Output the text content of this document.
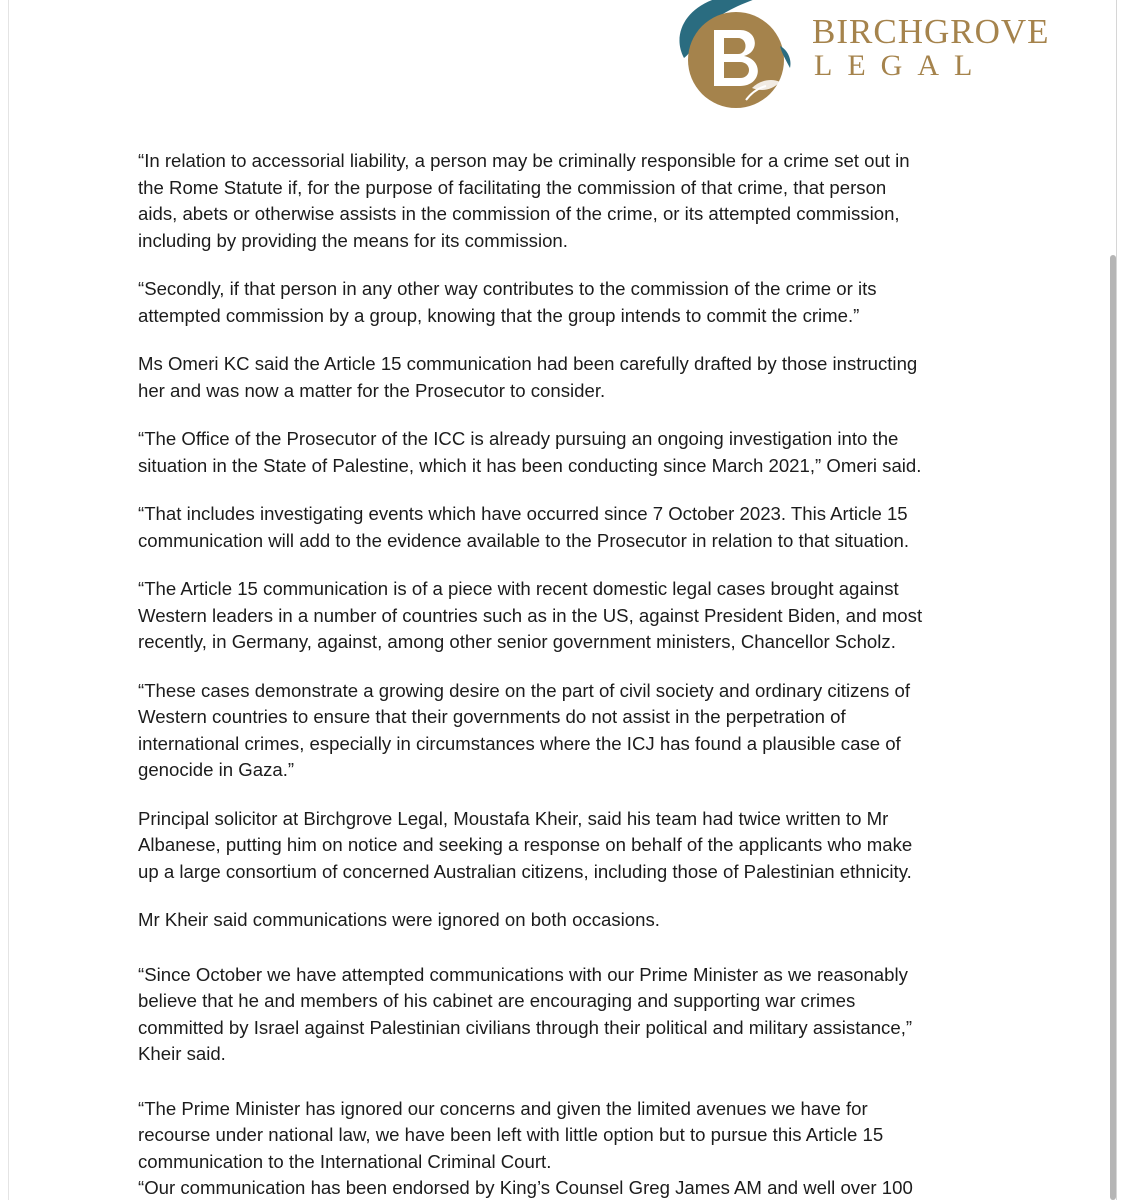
BIRCHGROVE
LEGAL

“In relation to accessorial liability, a person may be criminally responsible for a crime set out in
the Rome Statute if, for the purpose of facilitating the commission of that crime, that person
aids, abets or otherwise assists in the commission of the crime, or its attempted commission,
including by providing the means for its commission.

“Secondly, if that person in any other way contributes to the commission of the crime or its
attempted commission by a group, knowing that the group intends to commit the crime.”

Ms Omeri KC said the Article 15 communication had been carefully drafted by those instructing
her and was now a matter for the Prosecutor to consider.

“The Office of the Prosecutor of the ICC is already pursuing an ongoing investigation into the
situation in the State of Palestine, which it has been conducting since March 2021,” Omeri said.

“That includes investigating events which have occurred since 7 October 2023. This Article 15
communication will add to the evidence available to the Prosecutor in relation to that situation.

“The Article 15 communication is of a piece with recent domestic legal cases brought against
Western leaders in a number of countries such as in the US, against President Biden, and most
recently, in Germany, against, among other senior government ministers, Chancellor Scholz.

“These cases demonstrate a growing desire on the part of civil society and ordinary citizens of
Western countries to ensure that their governments do not assist in the perpetration of
international crimes, especially in circumstances where the ICJ has found a plausible case of
genocide in Gaza.”

Principal solicitor at Birchgrove Legal, Moustafa Kheir, said his team had twice written to Mr
Albanese, putting him on notice and seeking a response on behalf of the applicants who make
up a large consortium of concerned Australian citizens, including those of Palestinian ethnicity.

Mr Kheir said communications were ignored on both occasions.

“Since October we have attempted communications with our Prime Minister as we reasonably
believe that he and members of his cabinet are encouraging and supporting war crimes
committed by Israel against Palestinian civilians through their political and military assistance,”
Kheir said.

“The Prime Minister has ignored our concerns and given the limited avenues we have for
recourse under national law, we have been left with little option but to pursue this Article 15
communication to the International Criminal Court.

“Our communication has been endorsed by King’s Counsel Greg James AM and well over 100
